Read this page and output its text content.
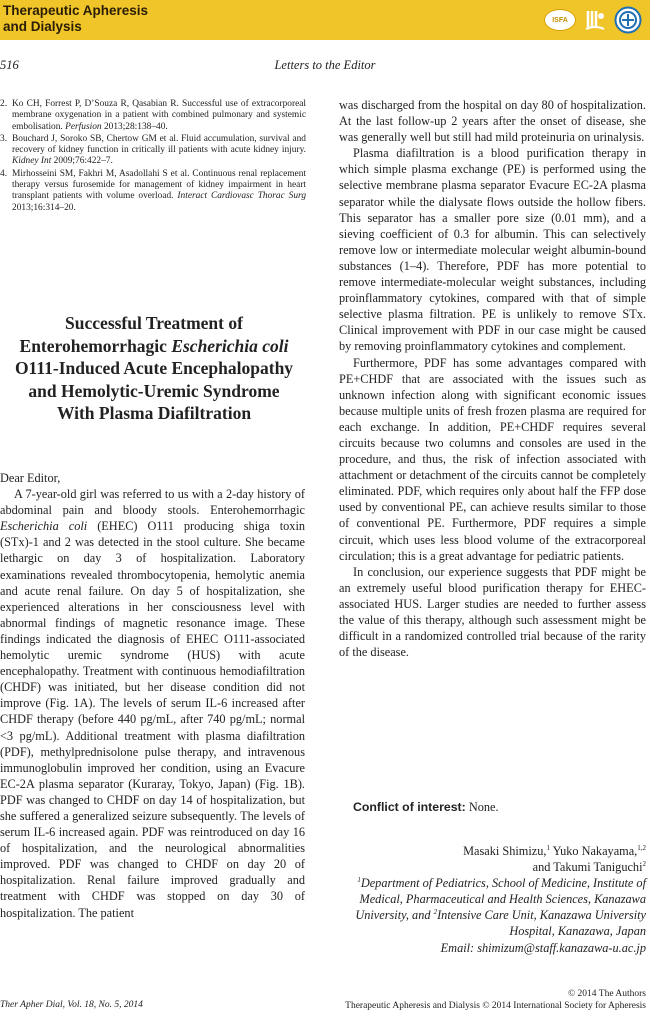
Therapeutic Apheresis
and Dialysis	ISFA
516	Letters to the Editor
2. Ko CH, Forrest P, D’Souza R, Qasabian R. Successful use of extracorporeal membrane oxygenation in a patient with combined pulmonary and systemic embolisation. Perfusion 2013;28:138–40.
3. Bouchard J, Soroko SB, Chertow GM et al. Fluid accumulation, survival and recovery of kidney function in critically ill patients with acute kidney injury. Kidney Int 2009;76:422–7.
4. Mirhosseini SM, Fakhri M, Asadollahi S et al. Continuous renal replacement therapy versus furosemide for management of kidney impairment in heart transplant patients with volume overload. Interact Cardiovasc Thorac Surg 2013;16:314–20.
Successful Treatment of Enterohemorrhagic Escherichia coli O111-Induced Acute Encephalopathy and Hemolytic-Uremic Syndrome With Plasma Diafiltration

Dear Editor,

A 7-year-old girl was referred to us with a 2-day history of abdominal pain and bloody stools. Enterohemorrhagic Escherichia coli (EHEC) O111 producing shiga toxin (STx)-1 and 2 was detected in the stool culture. She became lethargic on day 3 of hospitalization. Laboratory examinations revealed thrombocytopenia, hemolytic anemia and acute renal failure. On day 5 of hospitalization, she experienced alterations in her consciousness level with abnormal findings of magnetic resonance image. These findings indicated the diagnosis of EHEC O111-associated hemolytic uremic syndrome (HUS) with acute encephalopathy. Treatment with continuous hemodiafiltration (CHDF) was initiated, but her disease condition did not improve (Fig. 1A). The levels of serum IL-6 increased after CHDF therapy (before 440 pg/mL, after 740 pg/mL; normal <3 pg/mL). Additional treatment with plasma diafiltration (PDF), methylprednisolone pulse therapy, and intravenous immunoglobulin improved her condition, using an Evacure EC-2A plasma separator (Kuraray, Tokyo, Japan) (Fig. 1B). PDF was changed to CHDF on day 14 of hospitalization, but she suffered a generalized seizure subsequently. The levels of serum IL-6 increased again. PDF was reintroduced on day 16 of hospitalization, and the neurological abnormalities improved. PDF was changed to CHDF on day 20 of hospitalization. Renal failure improved gradually and treatment with CHDF was stopped on day 30 of hospitalization. The patient

was discharged from the hospital on day 80 of hospitalization. At the last follow-up 2 years after the onset of disease, she was generally well but still had mild proteinuria on urinalysis.

Plasma diafiltration is a blood purification therapy in which simple plasma exchange (PE) is performed using the selective membrane plasma separator Evacure EC-2A plasma separator while the dialysate flows outside the hollow fibers. This separator has a smaller pore size (0.01 mm), and a sieving coefficient of 0.3 for albumin. This can selectively remove low or intermediate molecular weight albumin-bound substances (1–4). Therefore, PDF has more potential to remove intermediate-molecular weight substances, including proinflammatory cytokines, compared with that of simple selective plasma filtration. PE is unlikely to remove STx. Clinical improvement with PDF in our case might be caused by removing proinflammatory cytokines and complement.

Furthermore, PDF has some advantages compared with PE+CHDF that are associated with the issues such as unknown infection along with significant economic issues because multiple units of fresh frozen plasma are required for each exchange. In addition, PE+CHDF requires several circuits because two columns and consoles are used in the procedure, and thus, the risk of infection associated with attachment or detachment of the circuits cannot be completely eliminated. PDF, which requires only about half the FFP dose used by conventional PE, can achieve results similar to those of conventional PE. Furthermore, PDF requires a simple circuit, which uses less blood volume of the extracorporeal circulation; this is a great advantage for pediatric patients.

In conclusion, our experience suggests that PDF might be an extremely useful blood purification therapy for EHEC-associated HUS. Larger studies are needed to further assess the value of this therapy, although such assessment might be difficult in a randomized controlled trial because of the rarity of the disease.

Conflict of interest: None.
Masaki Shimizu,$^1$ Yuko Nakayama,$^{1,2}$
and Takumi Taniguchi$^2$
$^1$Department of Pediatrics, School of Medicine, Institute of Medical, Pharmaceutical and Health Sciences, Kanazawa University, and $^2$Intensive Care Unit, Kanazawa University Hospital, Kanazawa, Japan
Email: shimizum@staff.kanazawa-u.ac.jp
Ther Apher Dial, Vol. 18, No. 5, 2014
© 2014 The Authors
Therapeutic Apheresis and Dialysis © 2014 International Society for Apheresis
